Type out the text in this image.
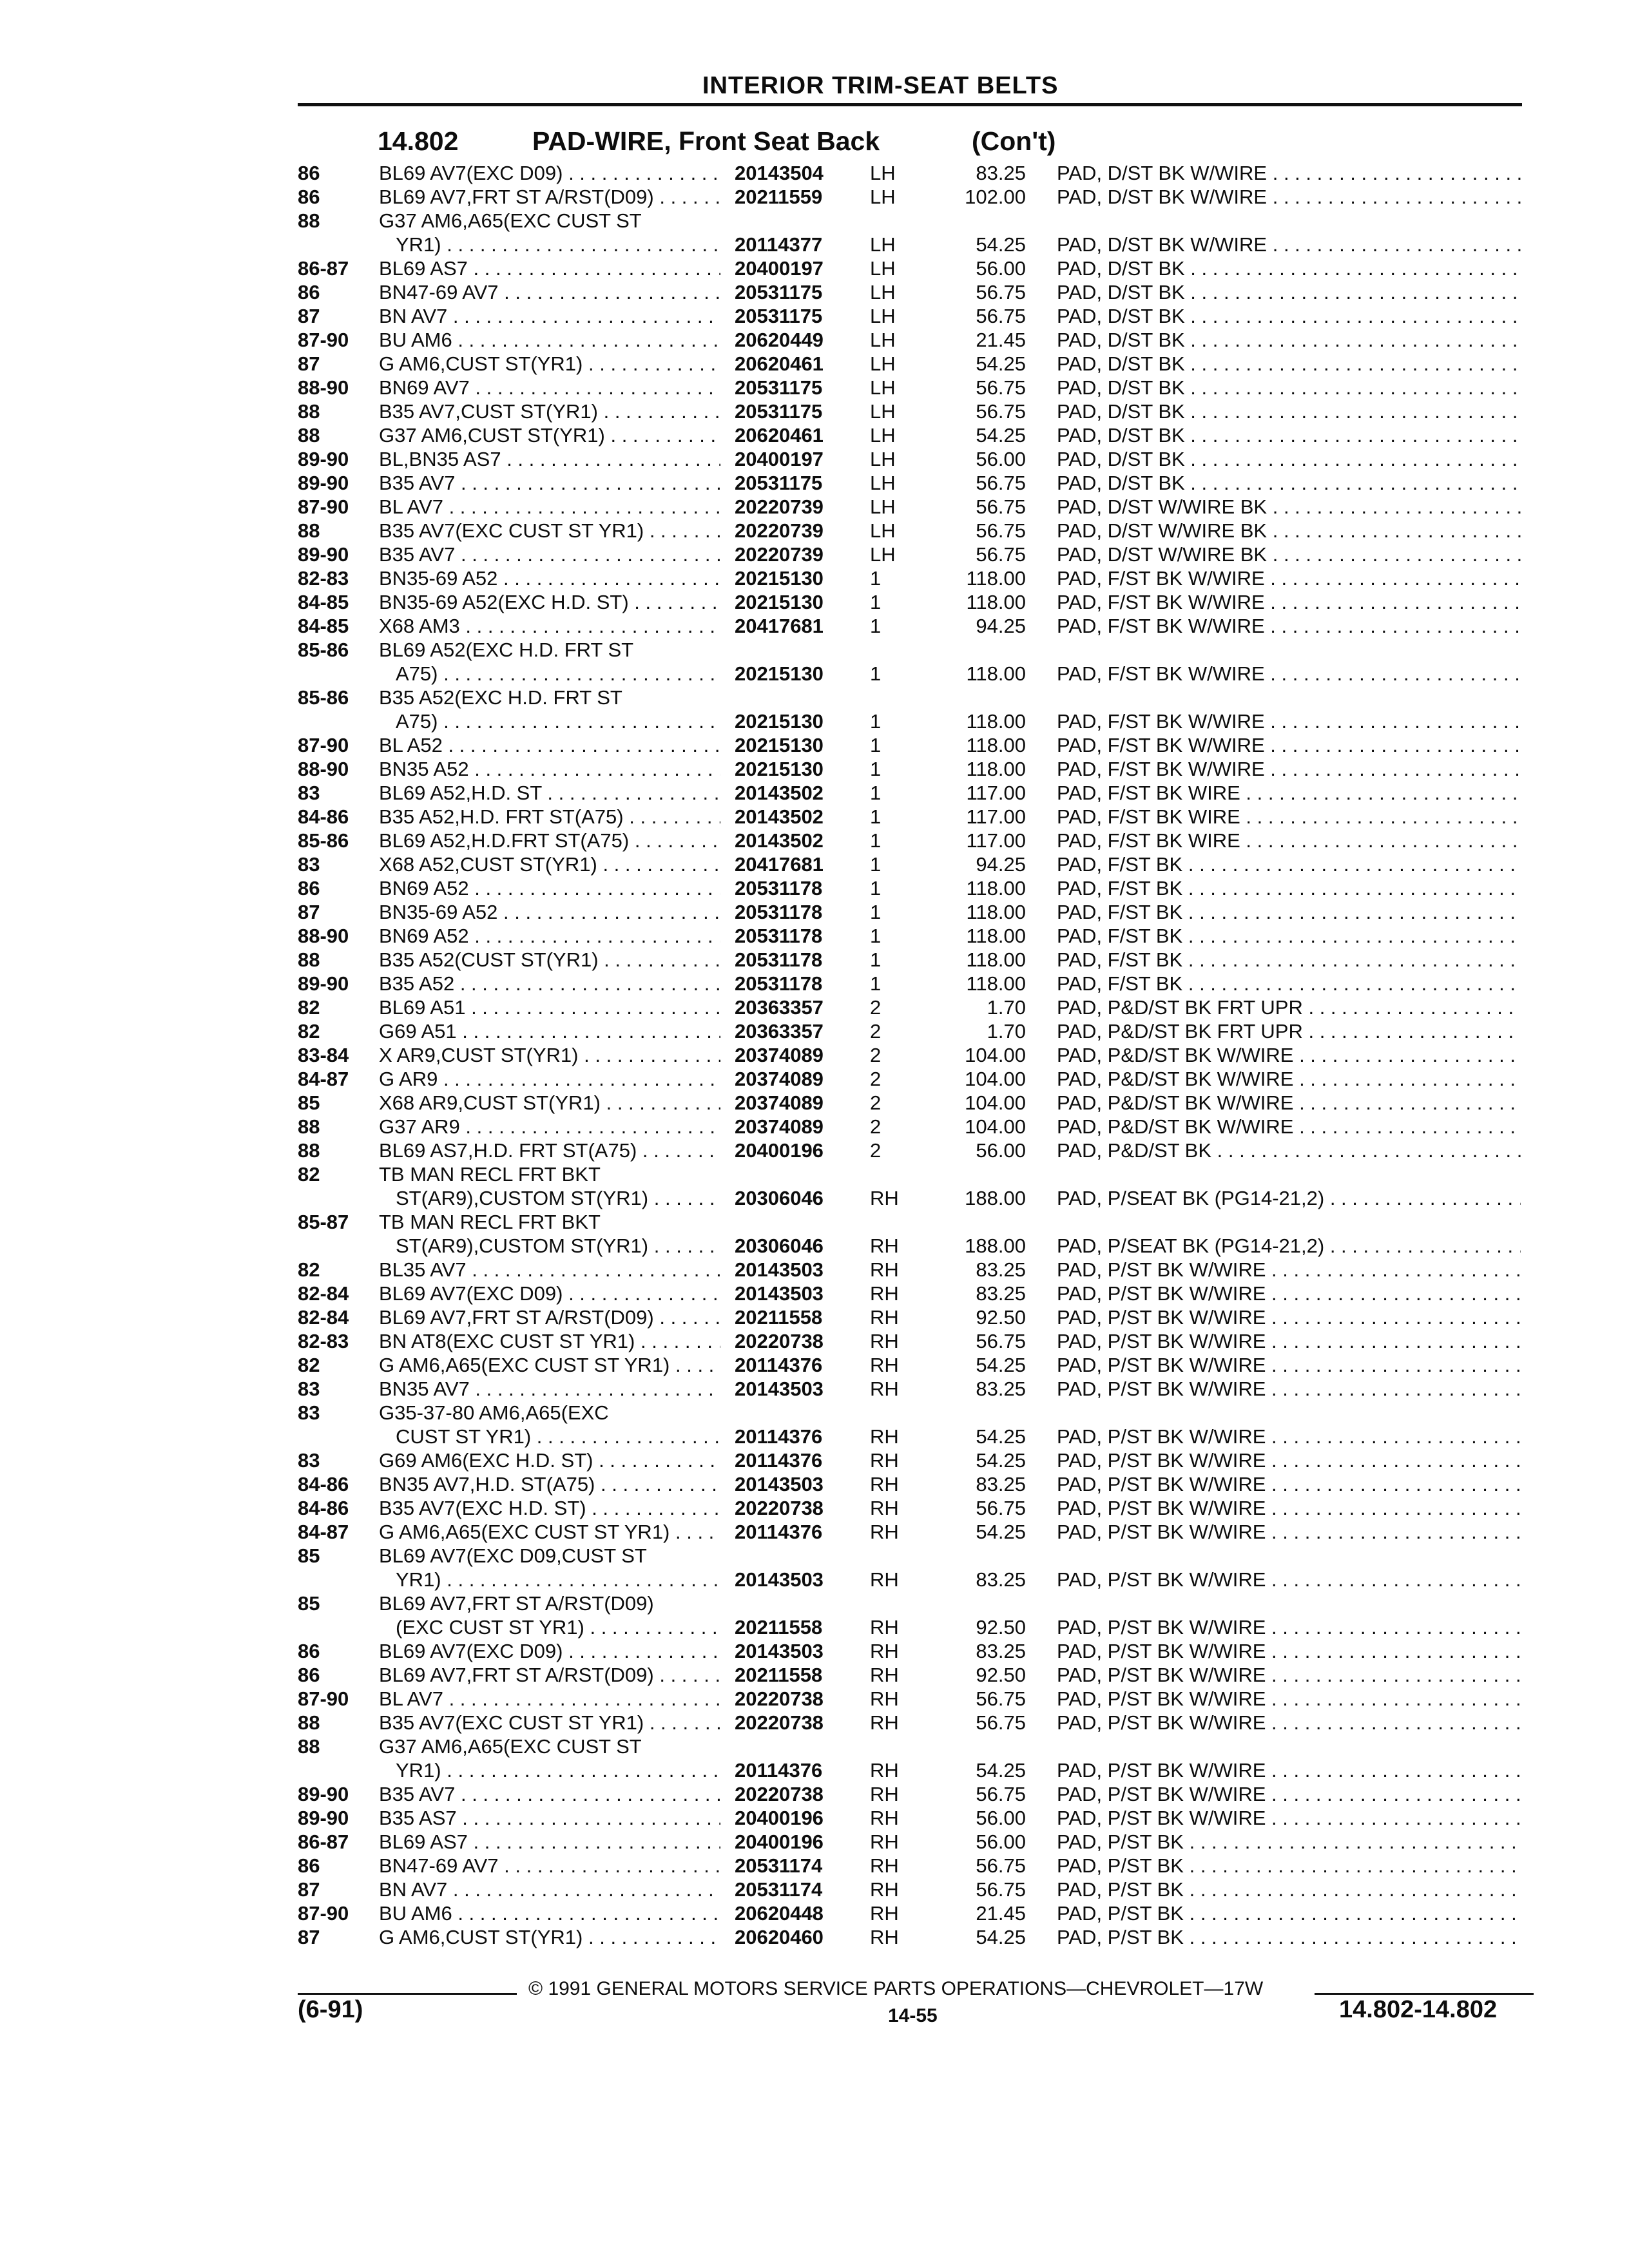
INTERIOR TRIM-SEAT BELTS
14.802	PAD-WIRE, Front Seat Back	(Con't)
86	BL69 AV7(EXC D09) . . .	20143504	LH	83.25 PAD, D/ST BK W/WIRE . . .
86	BL69 AV7,FRT ST A/RST(D09) . . .	20211559	LH	102.00 PAD, D/ST BK W/WIRE . . .
88	G37 AM6,A65(EXC CUST ST
YR1) . . .	20114377	LH	54.25 PAD, D/ST BK W/WIRE . . .
86-87	BL69 AS7 . . .	20400197	LH	56.00 PAD, D/ST BK . . .
86	BN47-69 AV7 . . .	20531175	LH	56.75 PAD, D/ST BK . . .
87	BN AV7 . . .	20531175	LH	56.75 PAD, D/ST BK . . .
87-90	BU AM6 . . .	20620449	LH	21.45 PAD, D/ST BK . . .
87	G AM6,CUST ST(YR1) . . .	20620461	LH	54.25 PAD, D/ST BK . . .
88-90	BN69 AV7 . . .	20531175	LH	56.75 PAD, D/ST BK . . .
88	B35 AV7,CUST ST(YR1) . . .	20531175	LH	56.75 PAD, D/ST BK . . .
88	G37 AM6,CUST ST(YR1) . . .	20620461	LH	54.25 PAD, D/ST BK . . .
89-90	BL,BN35 AS7 . . .	20400197	LH	56.00 PAD, D/ST BK . . .
89-90	B35 AV7 . . .	20531175	LH	56.75 PAD, D/ST BK . . .
87-90	BL AV7 . . .	20220739	LH	56.75 PAD, D/ST W/WIRE BK . . .
88	B35 AV7(EXC CUST ST YR1) . . .	20220739	LH	56.75 PAD, D/ST W/WIRE BK . . .
89-90	B35 AV7 . . .	20220739	LH	56.75 PAD, D/ST W/WIRE BK . . .
82-83	BN35-69 A52 . . .	20215130	1	118.00 PAD, F/ST BK W/WIRE . . .
84-85	BN35-69 A52(EXC H.D. ST) . . .	20215130	1	118.00 PAD, F/ST BK W/WIRE . . .
84-85	X68 AM3 . . .	20417681	1	94.25 PAD, F/ST BK W/WIRE . . .
85-86	BL69 A52(EXC H.D. FRT ST
A75) . . .	20215130	1	118.00 PAD, F/ST BK W/WIRE . . .
85-86	B35 A52(EXC H.D. FRT ST
A75) . . .	20215130	1	118.00 PAD, F/ST BK W/WIRE . . .
87-90	BL A52 . . .	20215130	1	118.00 PAD, F/ST BK W/WIRE . . .
88-90	BN35 A52 . . .	20215130	1	118.00 PAD, F/ST BK W/WIRE . . .
83	BL69 A52,H.D. ST . . .	20143502	1	117.00 PAD, F/ST BK WIRE . . .
84-86	B35 A52,H.D. FRT ST(A75) . . .	20143502	1	117.00 PAD, F/ST BK WIRE . . .
85-86	BL69 A52,H.D.FRT ST(A75) . . .	20143502	1	117.00 PAD, F/ST BK WIRE . . .
83	X68 A52,CUST ST(YR1) . . .	20417681	1	94.25 PAD, F/ST BK . . .
86	BN69 A52 . . .	20531178	1	118.00 PAD, F/ST BK . . .
87	BN35-69 A52 . . .	20531178	1	118.00 PAD, F/ST BK . . .
88-90	BN69 A52 . . .	20531178	1	118.00 PAD, F/ST BK . . .
88	B35 A52(CUST ST(YR1) . . .	20531178	1	118.00 PAD, F/ST BK . . .
89-90	B35 A52 . . .	20531178	1	118.00 PAD, F/ST BK . . .
82	BL69 A51 . . .	20363357	2	1.70 PAD, P&D/ST BK FRT UPR . . .
82	G69 A51 . . .	20363357	2	1.70 PAD, P&D/ST BK FRT UPR . . .
83-84	X AR9,CUST ST(YR1) . . .	20374089	2	104.00 PAD, P&D/ST BK W/WIRE . . .
84-87	G AR9 . . .	20374089	2	104.00 PAD, P&D/ST BK W/WIRE . . .
85	X68 AR9,CUST ST(YR1) . . .	20374089	2	104.00 PAD, P&D/ST BK W/WIRE . . .
88	G37 AR9 . . .	20374089	2	104.00 PAD, P&D/ST BK W/WIRE . . .
88	BL69 AS7,H.D. FRT ST(A75) . . .	20400196	2	56.00 PAD, P&D/ST BK . . .
82	TB MAN RECL FRT BKT
ST(AR9),CUSTOM ST(YR1) . . .	20306046	RH	188.00 PAD, P/SEAT BK (PG14-21,2) . . .
85-87	TB MAN RECL FRT BKT
ST(AR9),CUSTOM ST(YR1) . . .	20306046	RH	188.00 PAD, P/SEAT BK (PG14-21,2) . . .
82	BL35 AV7 . . .	20143503	RH	83.25 PAD, P/ST BK W/WIRE . . .
82-84	BL69 AV7(EXC D09) . . .	20143503	RH	83.25 PAD, P/ST BK W/WIRE . . .
82-84	BL69 AV7,FRT ST A/RST(D09) . . .	20211558	RH	92.50 PAD, P/ST BK W/WIRE . . .
82-83	BN AT8(EXC CUST ST YR1) . . .	20220738	RH	56.75 PAD, P/ST BK W/WIRE . . .
82	G AM6,A65(EXC CUST ST YR1) . . .	20114376	RH	54.25 PAD, P/ST BK W/WIRE . . .
83	BN35 AV7 . . .	20143503	RH	83.25 PAD, P/ST BK W/WIRE . . .
83	G35-37-80 AM6,A65(EXC
CUST ST YR1) . . .	20114376	RH	54.25 PAD, P/ST BK W/WIRE . . .
83	G69 AM6(EXC H.D. ST) . . .	20114376	RH	54.25 PAD, P/ST BK W/WIRE . . .
84-86	BN35 AV7,H.D. ST(A75) . . .	20143503	RH	83.25 PAD, P/ST BK W/WIRE . . .
84-86	B35 AV7(EXC H.D. ST) . . .	20220738	RH	56.75 PAD, P/ST BK W/WIRE . . .
84-87	G AM6,A65(EXC CUST ST YR1) . . .	20114376	RH	54.25 PAD, P/ST BK W/WIRE . . .
85	BL69 AV7(EXC D09,CUST ST
YR1) . . .	20143503	RH	83.25 PAD, P/ST BK W/WIRE . . .
85	BL69 AV7,FRT ST A/RST(D09)
(EXC CUST ST YR1) . . .	20211558	RH	92.50 PAD, P/ST BK W/WIRE . . .
86	BL69 AV7(EXC D09) . . .	20143503	RH	83.25 PAD, P/ST BK W/WIRE . . .
86	BL69 AV7,FRT ST A/RST(D09) . . .	20211558	RH	92.50 PAD, P/ST BK W/WIRE . . .
87-90	BL AV7 . . .	20220738	RH	56.75 PAD, P/ST BK W/WIRE . . .
88	B35 AV7(EXC CUST ST YR1) . . .	20220738	RH	56.75 PAD, P/ST BK W/WIRE . . .
88	G37 AM6,A65(EXC CUST ST
YR1) . . .	20114376	RH	54.25 PAD, P/ST BK W/WIRE . . .
89-90	B35 AV7 . . .	20220738	RH	56.75 PAD, P/ST BK W/WIRE . . .
89-90	B35 AS7 . . .	20400196	RH	56.00 PAD, P/ST BK W/WIRE . . .
86-87	BL69 AS7 . . .	20400196	RH	56.00 PAD, P/ST BK . . .
86	BN47-69 AV7 . . .	20531174	RH	56.75 PAD, P/ST BK . . .
87	BN AV7 . . .	20531174	RH	56.75 PAD, P/ST BK . . .
87-90	BU AM6 . . .	20620448	RH	21.45 PAD, P/ST BK . . .
87	G AM6,CUST ST(YR1) . . .	20620460	RH	54.25 PAD, P/ST BK . . .
© 1991 GENERAL MOTORS SERVICE PARTS OPERATIONS—CHEVROLET—17W
(6-91)	14-55	14.802-14.802
